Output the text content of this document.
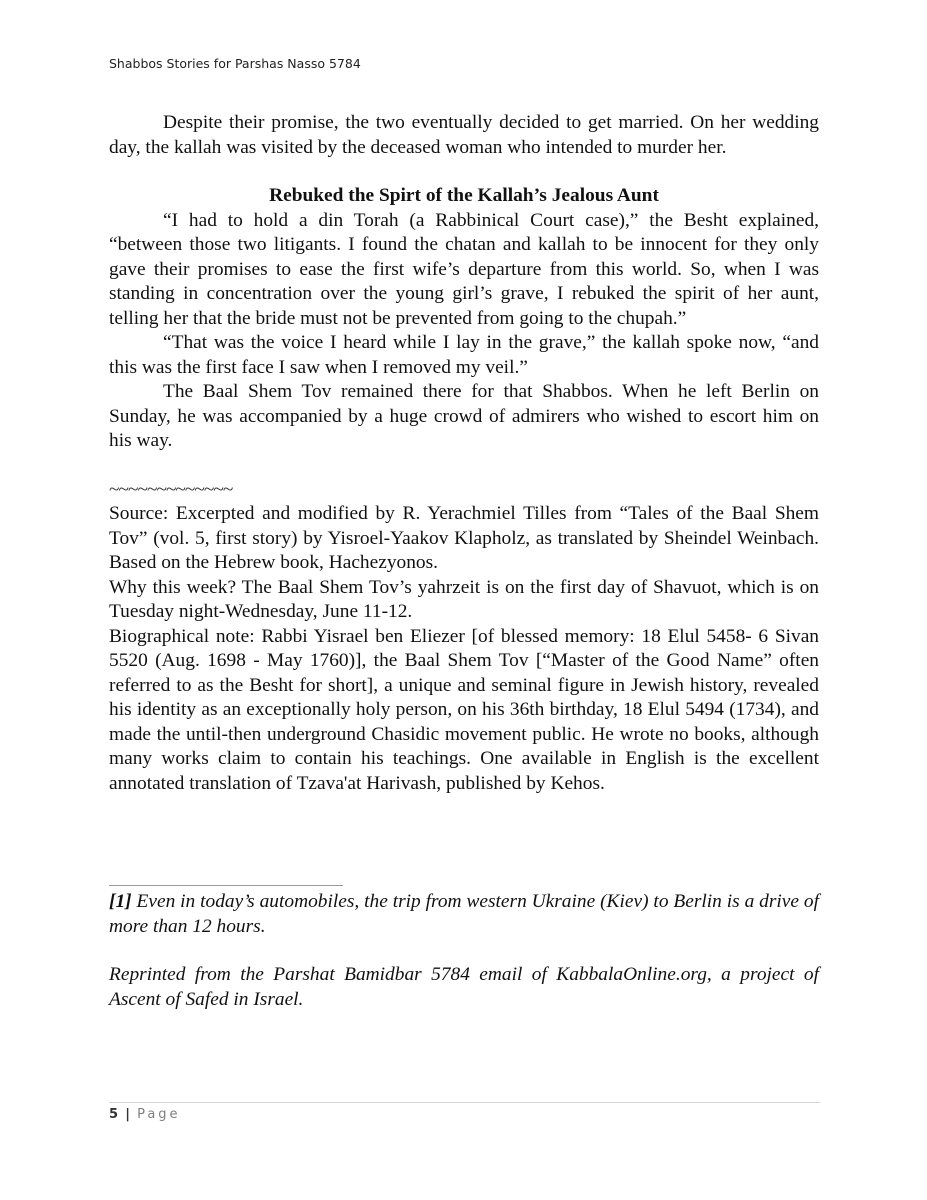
Shabbos Stories for Parshas Nasso 5784

Despite their promise, the two eventually decided to get married. On her wedding day, the kallah was visited by the deceased woman who intended to murder her.

Rebuked the Spirt of the Kallah’s Jealous Aunt

“I had to hold a din Torah (a Rabbinical Court case),” the Besht explained, “between those two litigants. I found the chatan and kallah to be innocent for they only gave their promises to ease the first wife’s departure from this world. So, when I was standing in concentration over the young girl’s grave, I rebuked the spirit of her aunt, telling her that the bride must not be prevented from going to the chupah.”

“That was the voice I heard while I lay in the grave,” the kallah spoke now, “and this was the first face I saw when I removed my veil.”

The Baal Shem Tov remained there for that Shabbos. When he left Berlin on Sunday, he was accompanied by a huge crowd of admirers who wished to escort him on his way.

~~~~~~~~~~~~~

Source: Excerpted and modified by R. Yerachmiel Tilles from “Tales of the Baal Shem Tov” (vol. 5, first story) by Yisroel-Yaakov Klapholz, as translated by Sheindel Weinbach. Based on the Hebrew book, Hachezyonos.

Why this week? The Baal Shem Tov’s yahrzeit is on the first day of Shavuot, which is on Tuesday night-Wednesday, June 11-12.

Biographical note: Rabbi Yisrael ben Eliezer [of blessed memory: 18 Elul 5458- 6 Sivan 5520 (Aug. 1698 - May 1760)], the Baal Shem Tov [“Master of the Good Name” often referred to as the Besht for short], a unique and seminal figure in Jewish history, revealed his identity as an exceptionally holy person, on his 36th birthday, 18 Elul 5494 (1734), and made the until-then underground Chasidic movement public. He wrote no books, although many works claim to contain his teachings. One available in English is the excellent annotated translation of Tzava'at Harivash, published by Kehos.

[1] Even in today’s automobiles, the trip from western Ukraine (Kiev) to Berlin is a drive of more than 12 hours.

Reprinted from the Parshat Bamidbar 5784 email of KabbalaOnline.org, a project of Ascent of Safed in Israel.

5 | Page
